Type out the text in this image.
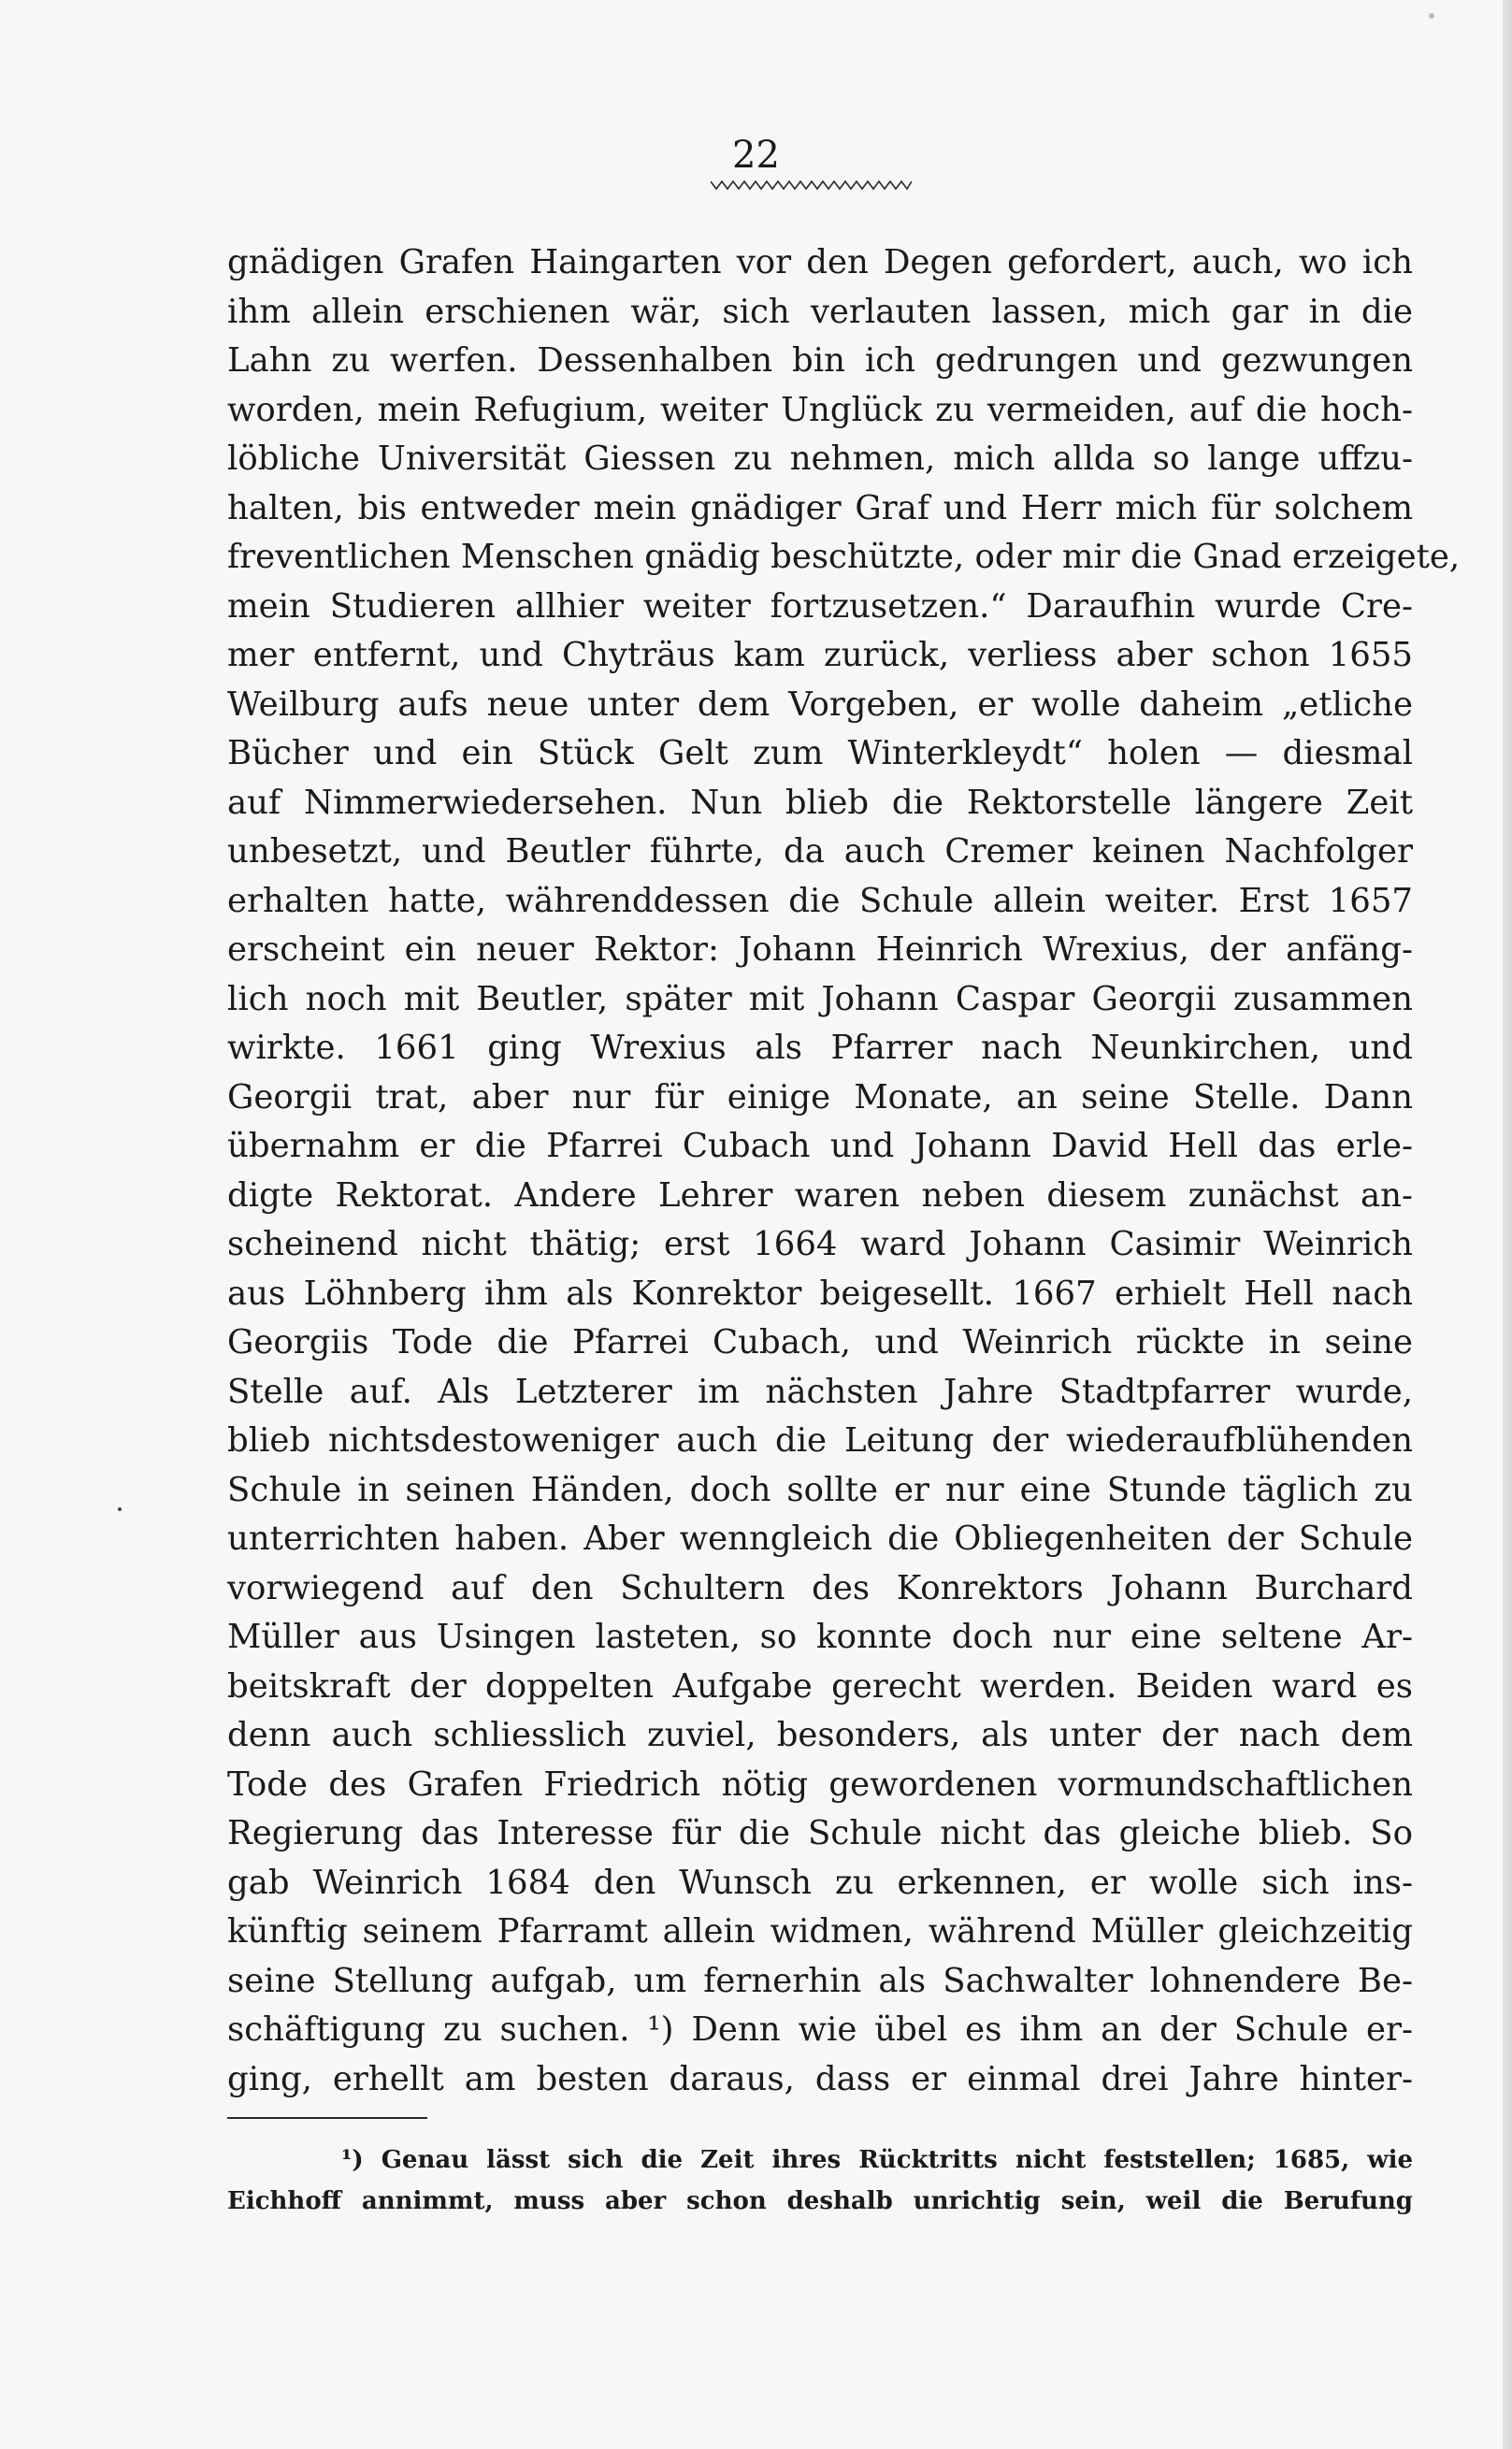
22
gnädigen Grafen Haingarten vor den Degen gefordert, auch, wo ich
ihm allein erschienen wär, sich verlauten lassen, mich gar in die
Lahn zu werfen. Dessenhalben bin ich gedrungen und gezwungen
worden, mein Refugium, weiter Unglück zu vermeiden, auf die hoch-
löbliche Universität Giessen zu nehmen, mich allda so lange uffzu-
halten, bis entweder mein gnädiger Graf und Herr mich für solchem
freventlichen Menschen gnädig beschützte, oder mir die Gnad erzeigete,
mein Studieren allhier weiter fortzusetzen.“ Daraufhin wurde Cre-
mer entfernt, und Chyträus kam zurück, verliess aber schon 1655
Weilburg aufs neue unter dem Vorgeben, er wolle daheim „etliche
Bücher und ein Stück Gelt zum Winterkleydt“ holen — diesmal
auf Nimmerwiedersehen. Nun blieb die Rektorstelle längere Zeit
unbesetzt, und Beutler führte, da auch Cremer keinen Nachfolger
erhalten hatte, währenddessen die Schule allein weiter. Erst 1657
erscheint ein neuer Rektor: Johann Heinrich Wrexius, der anfäng-
lich noch mit Beutler, später mit Johann Caspar Georgii zusammen
wirkte. 1661 ging Wrexius als Pfarrer nach Neunkirchen, und
Georgii trat, aber nur für einige Monate, an seine Stelle. Dann
übernahm er die Pfarrei Cubach und Johann David Hell das erle-
digte Rektorat. Andere Lehrer waren neben diesem zunächst an-
scheinend nicht thätig; erst 1664 ward Johann Casimir Weinrich
aus Löhnberg ihm als Konrektor beigesellt. 1667 erhielt Hell nach
Georgiis Tode die Pfarrei Cubach, und Weinrich rückte in seine
Stelle auf. Als Letzterer im nächsten Jahre Stadtpfarrer wurde,
blieb nichtsdestoweniger auch die Leitung der wiederaufblühenden
Schule in seinen Händen, doch sollte er nur eine Stunde täglich zu
unterrichten haben. Aber wenngleich die Obliegenheiten der Schule
vorwiegend auf den Schultern des Konrektors Johann Burchard
Müller aus Usingen lasteten, so konnte doch nur eine seltene Ar-
beitskraft der doppelten Aufgabe gerecht werden. Beiden ward es
denn auch schliesslich zuviel, besonders, als unter der nach dem
Tode des Grafen Friedrich nötig gewordenen vormundschaftlichen
Regierung das Interesse für die Schule nicht das gleiche blieb. So
gab Weinrich 1684 den Wunsch zu erkennen, er wolle sich ins-
künftig seinem Pfarramt allein widmen, während Müller gleichzeitig
seine Stellung aufgab, um fernerhin als Sachwalter lohnendere Be-
schäftigung zu suchen. ¹) Denn wie übel es ihm an der Schule er-
ging, erhellt am besten daraus, dass er einmal drei Jahre hinter-
¹) Genau lässt sich die Zeit ihres Rücktritts nicht feststellen; 1685, wie
Eichhoff annimmt, muss aber schon deshalb unrichtig sein, weil die Berufung
